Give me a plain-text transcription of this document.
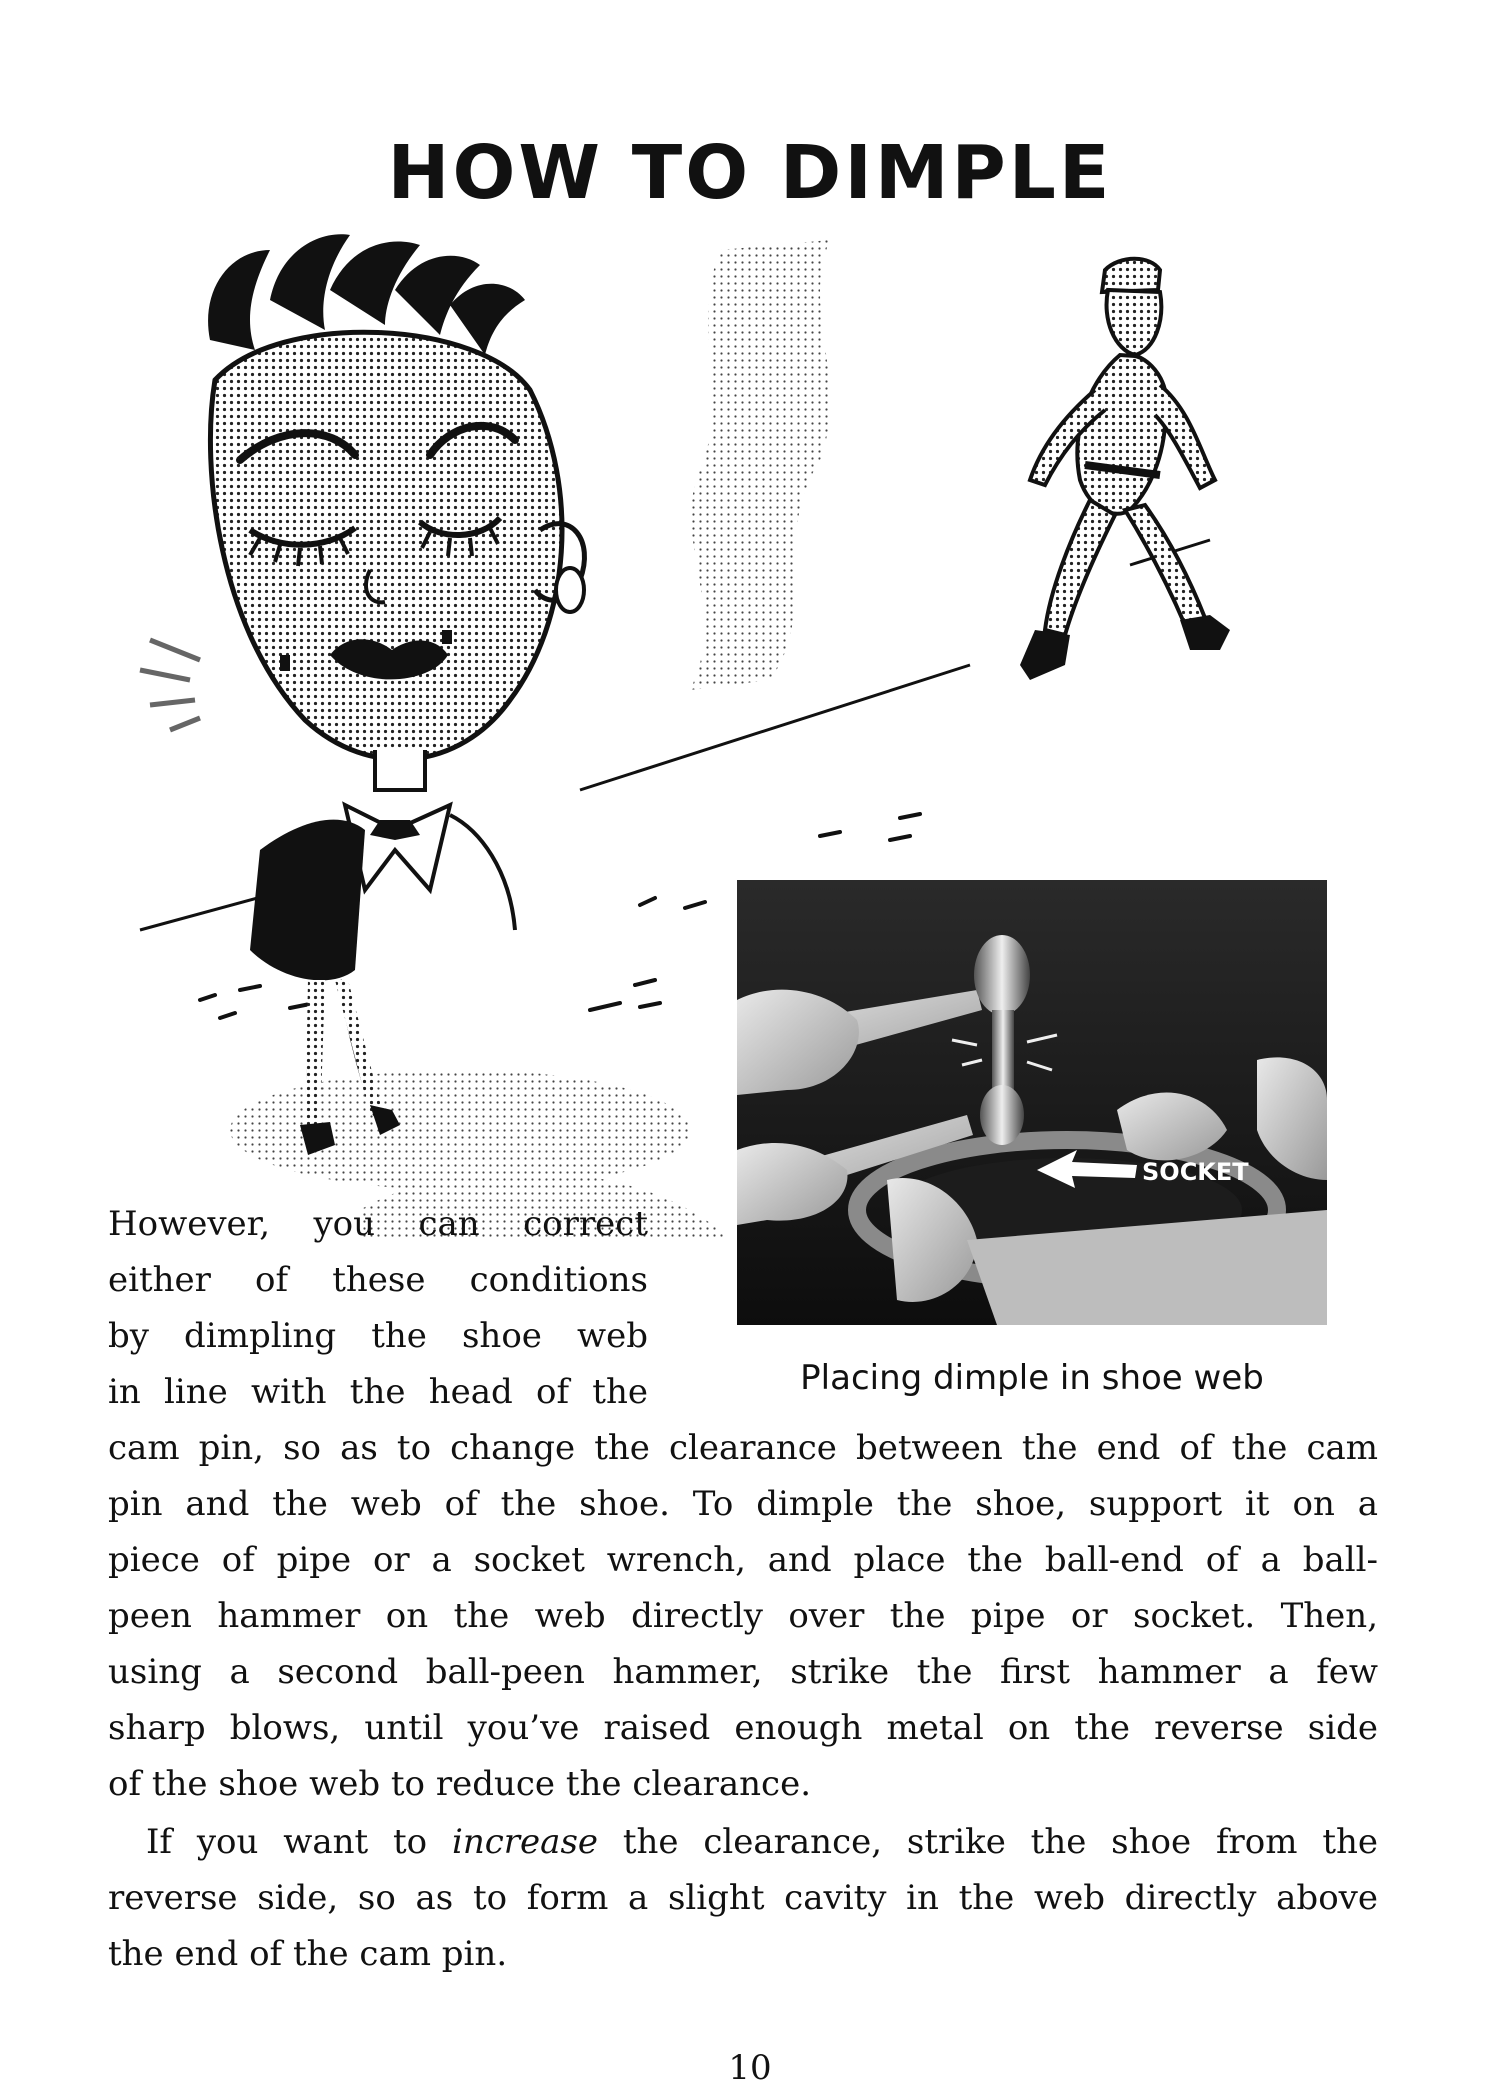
HOW TO DIMPLE
SOCKET
Placing dimple in shoe web

However, you can correct
either of these conditions
by dimpling the shoe web
in line with the head of the

cam pin, so as to change the clearance between the end of the cam
pin and the web of the shoe. To dimple the shoe, support it on a
piece of pipe or a socket wrench, and place the ball-end of a ball-
peen hammer on the web directly over the pipe or socket. Then,
using a second ball-peen hammer, strike the first hammer a few
sharp blows, until you’ve raised enough metal on the reverse side
of the shoe web to reduce the clearance.

If you want to increase the clearance, strike the shoe from the
reverse side, so as to form a slight cavity in the web directly above
the end of the cam pin.

10
